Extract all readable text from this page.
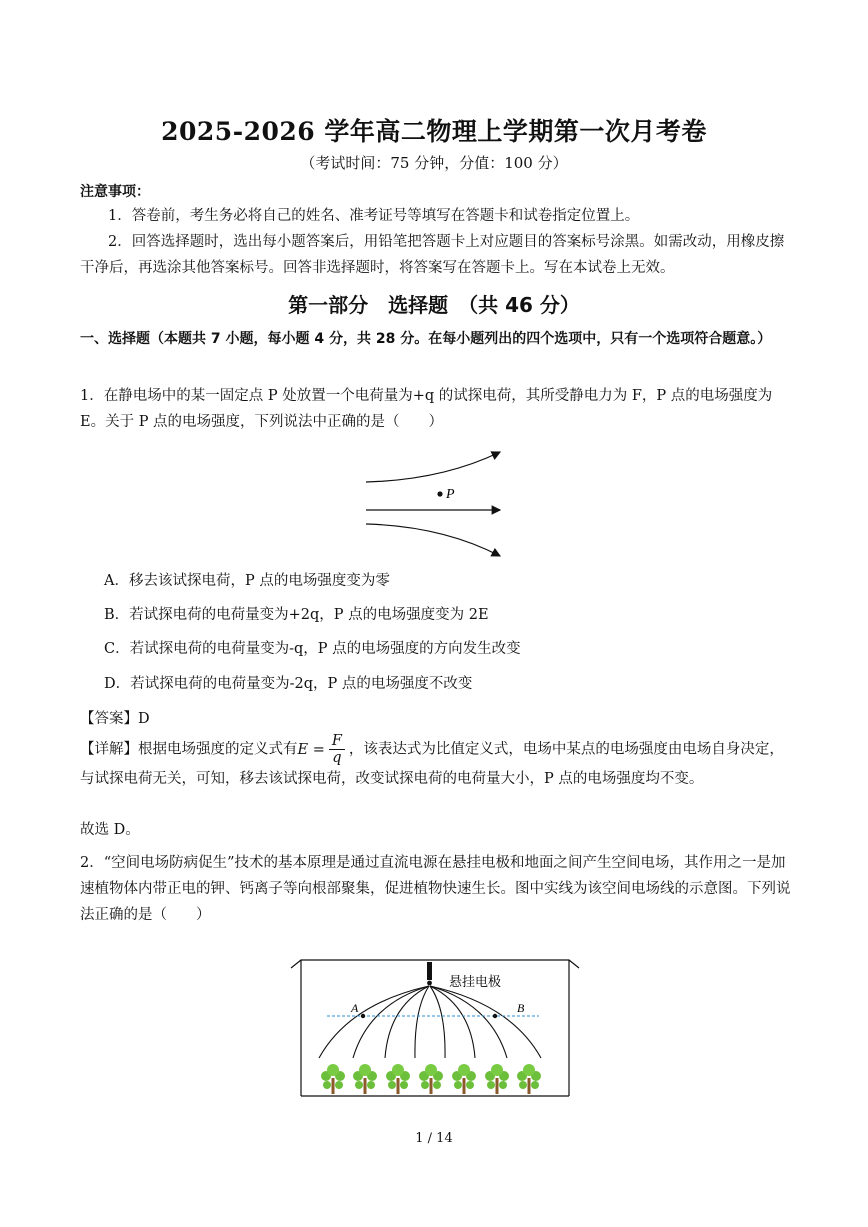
2025-2026 学年高二物理上学期第一次月考卷
（考试时间：75 分钟，分值：100 分）
注意事项：
1．答卷前，考生务必将自己的姓名、准考证号等填写在答题卡和试卷指定位置上。
2．回答选择题时，选出每小题答案后，用铅笔把答题卡上对应题目的答案标号涂黑。如需改动，用橡皮擦干净后，再选涂其他答案标号。回答非选择题时，将答案写在答题卡上。写在本试卷上无效。
第一部分　选择题　（共 46 分）
一、选择题（本题共 7 小题，每小题 4 分，共 28 分。在每小题列出的四个选项中，只有一个选项符合题意。）
1．在静电场中的某一固定点 P 处放置一个电荷量为+q 的试探电荷，其所受静电力为 F，P 点的电场强度为 E。关于 P 点的电场强度，下列说法中正确的是（　　）
P
A．移去该试探电荷，P 点的电场强度变为零
B．若试探电荷的电荷量变为+2q，P 点的电场强度变为 2E
C．若试探电荷的电荷量变为-q，P 点的电场强度的方向发生改变
D．若试探电荷的电荷量变为-2q，P 点的电场强度不改变
【答案】D
【详解】根据电场强度的定义式有$E = \frac{F}{q}$ ，该表达式为比值定义式，电场中某点的电场强度由电场自身决定，与试探电荷无关，可知，移去该试探电荷，改变试探电荷的电荷量大小，P 点的电场强度均不变。
故选 D。
2．“空间电场防病促生”技术的基本原理是通过直流电源在悬挂电极和地面之间产生空间电场，其作用之一是加速植物体内带正电的钾、钙离子等向根部聚集，促进植物快速生长。图中实线为该空间电场线的示意图。下列说法正确的是（　　）
悬挂电极
A	B
1 / 14
